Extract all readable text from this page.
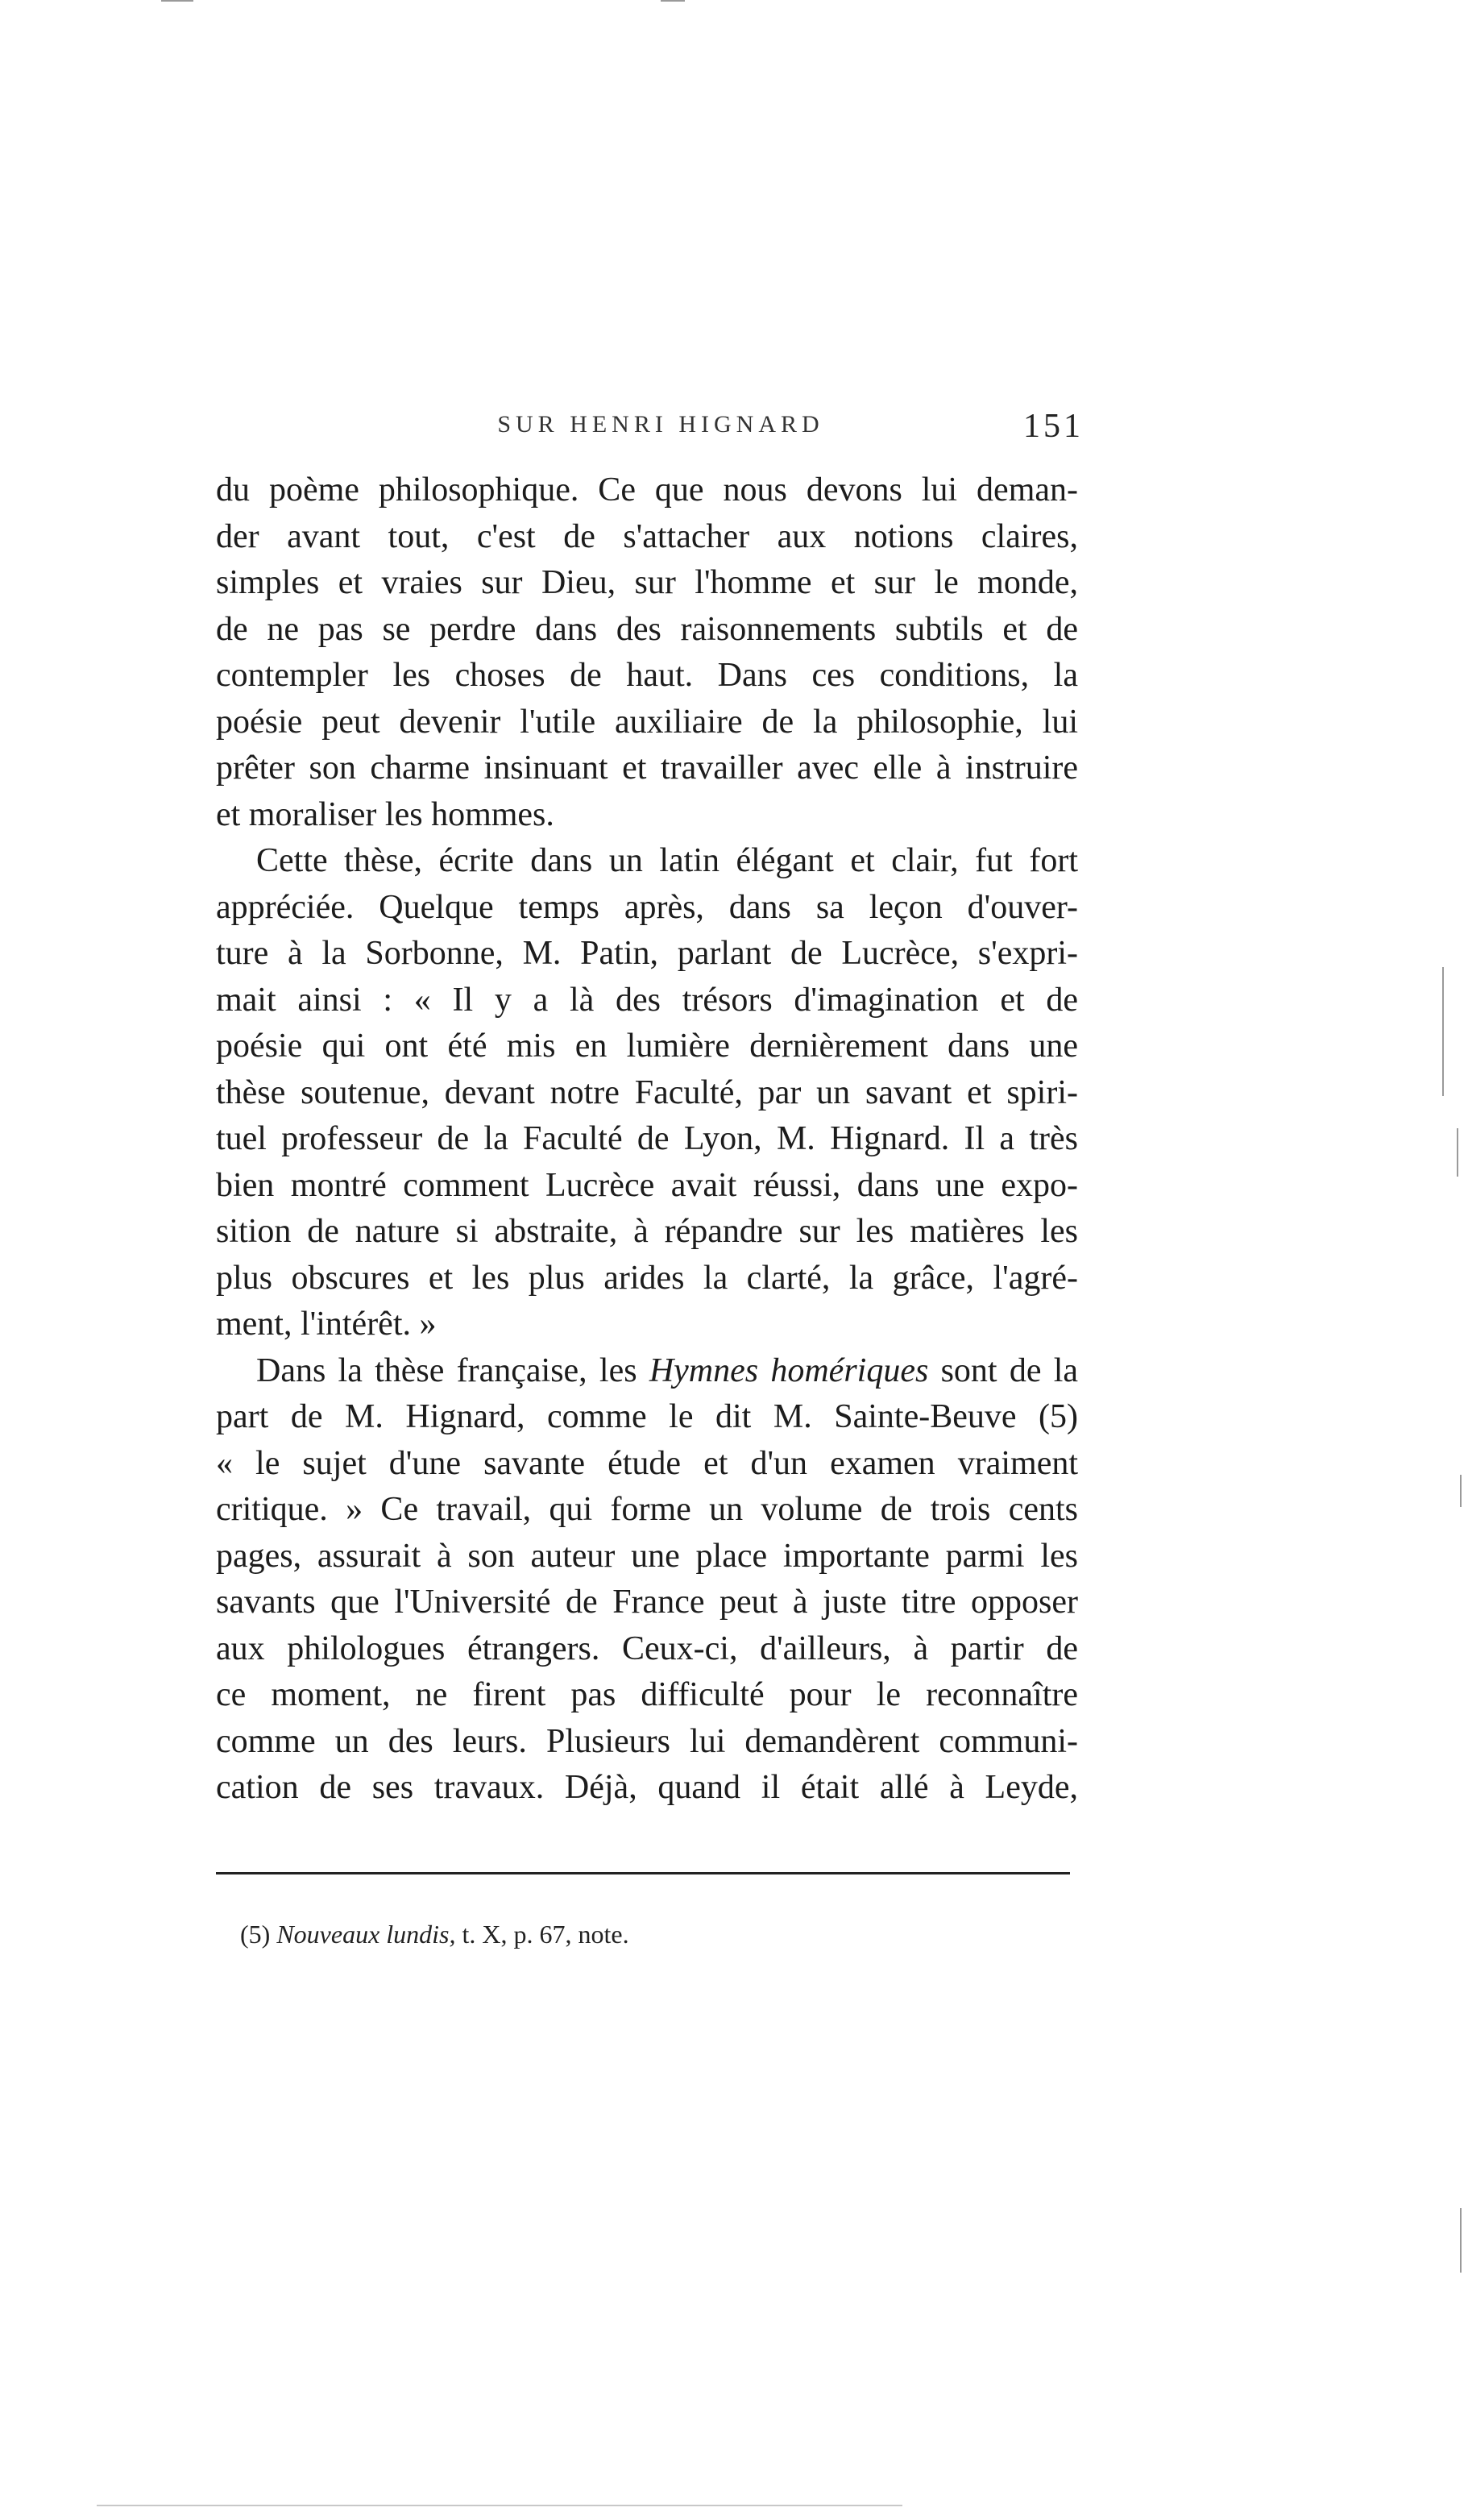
SUR HENRI HIGNARD	151
du poème philosophique. Ce que nous devons lui deman-
der avant tout, c'est de s'attacher aux notions claires,
simples et vraies sur Dieu, sur l'homme et sur le monde,
de ne pas se perdre dans des raisonnements subtils et de
contempler les choses de haut. Dans ces conditions, la
poésie peut devenir l'utile auxiliaire de la philosophie, lui
prêter son charme insinuant et travailler avec elle à instruire
et moraliser les hommes.
Cette thèse, écrite dans un latin élégant et clair, fut fort
appréciée. Quelque temps après, dans sa leçon d'ouver-
ture à la Sorbonne, M. Patin, parlant de Lucrèce, s'expri-
mait ainsi : « Il y a là des trésors d'imagination et de
poésie qui ont été mis en lumière dernièrement dans une
thèse soutenue, devant notre Faculté, par un savant et spiri-
tuel professeur de la Faculté de Lyon, M. Hignard. Il a très
bien montré comment Lucrèce avait réussi, dans une expo-
sition de nature si abstraite, à répandre sur les matières les
plus obscures et les plus arides la clarté, la grâce, l'agré-
ment, l'intérêt. »
Dans la thèse française, les Hymnes homériques sont de la
part de M. Hignard, comme le dit M. Sainte-Beuve (5)
« le sujet d'une savante étude et d'un examen vraiment
critique. » Ce travail, qui forme un volume de trois cents
pages, assurait à son auteur une place importante parmi les
savants que l'Université de France peut à juste titre opposer
aux philologues étrangers. Ceux-ci, d'ailleurs, à partir de
ce moment, ne firent pas difficulté pour le reconnaître
comme un des leurs. Plusieurs lui demandèrent communi-
cation de ses travaux. Déjà, quand il était allé à Leyde,
(5) Nouveaux lundis, t. X, p. 67, note.
